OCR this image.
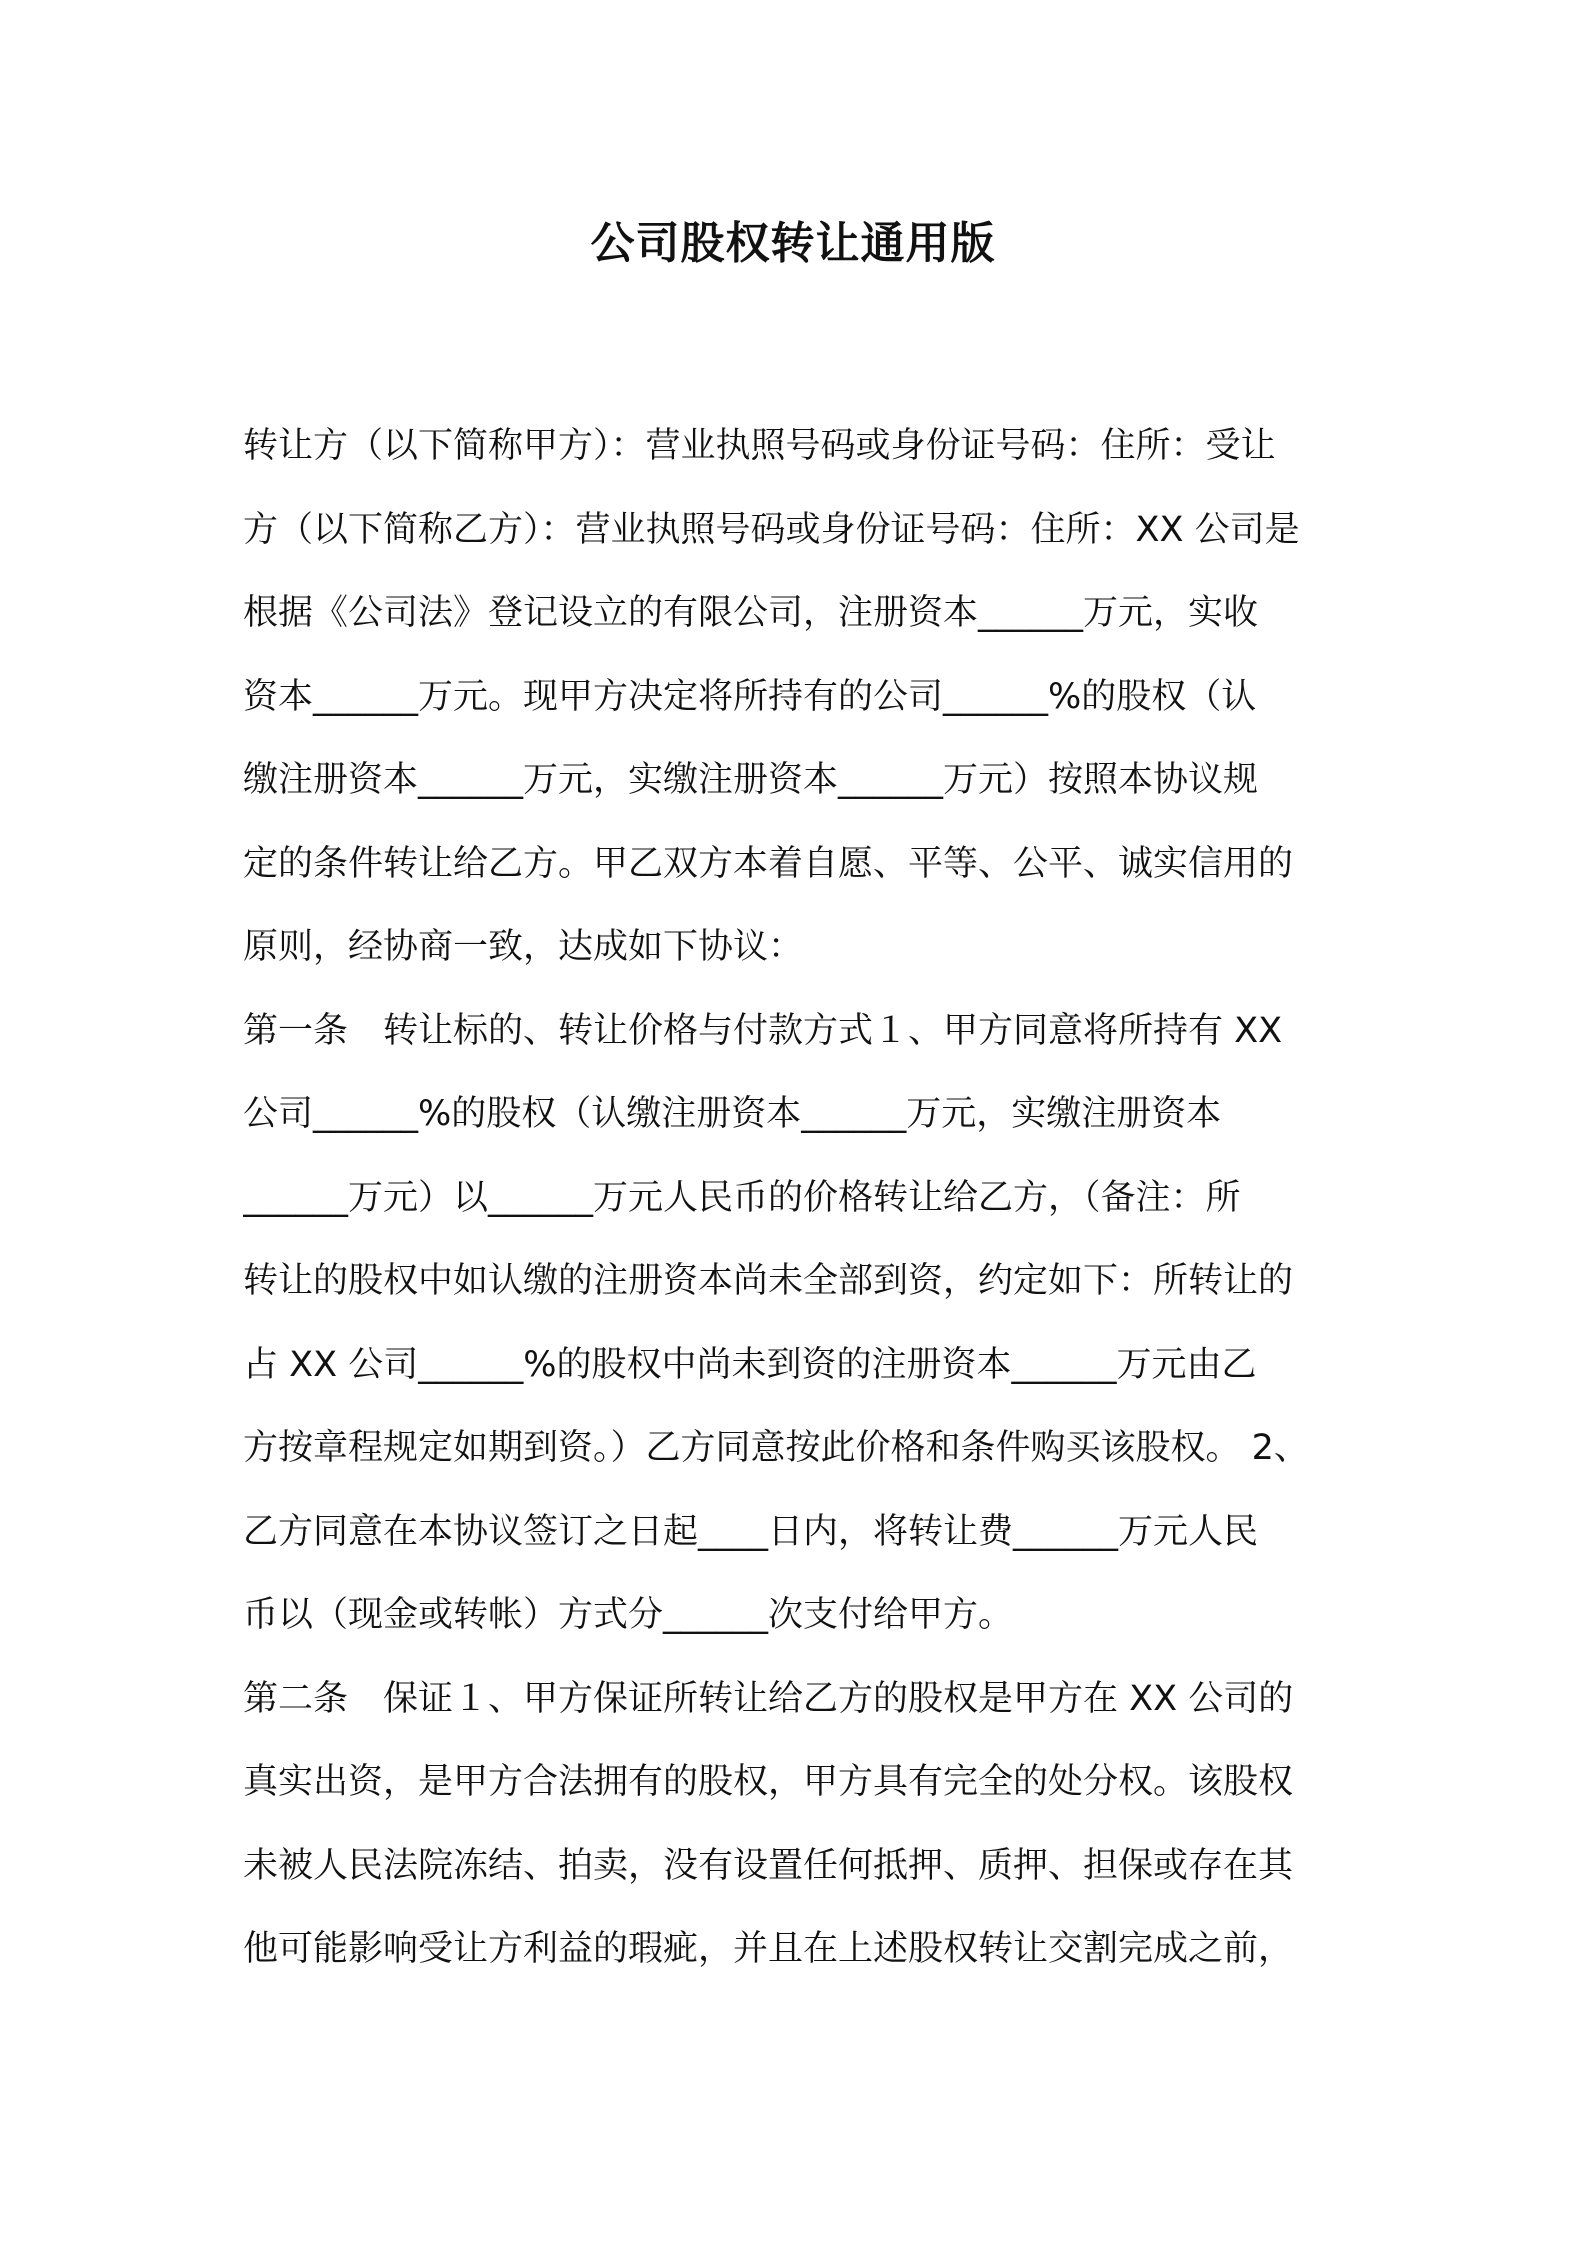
公司股权转让通用版
转让方（以下简称甲方）：营业执照号码或身份证号码：住所：受让
方（以下简称乙方）：营业执照号码或身份证号码：住所：XX 公司是
根据《公司法》登记设立的有限公司，注册资本______万元，实收
资本______万元。现甲方决定将所持有的公司______%的股权（认
缴注册资本______万元，实缴注册资本______万元）按照本协议规
定的条件转让给乙方。甲乙双方本着自愿、平等、公平、诚实信用的
原则，经协商一致，达成如下协议：
第一条　转让标的、转让价格与付款方式１、甲方同意将所持有 XX
公司______%的股权（认缴注册资本______万元，实缴注册资本
______万元）以______万元人民币的价格转让给乙方，（备注：所
转让的股权中如认缴的注册资本尚未全部到资，约定如下：所转让的
占 XX 公司______%的股权中尚未到资的注册资本______万元由乙
方按章程规定如期到资。）乙方同意按此价格和条件购买该股权。 2、
乙方同意在本协议签订之日起____日内，将转让费______万元人民
币以（现金或转帐）方式分______次支付给甲方。
第二条　保证１、甲方保证所转让给乙方的股权是甲方在 XX 公司的
真实出资，是甲方合法拥有的股权，甲方具有完全的处分权。该股权
未被人民法院冻结、拍卖，没有设置任何抵押、质押、担保或存在其
他可能影响受让方利益的瑕疵，并且在上述股权转让交割完成之前，
